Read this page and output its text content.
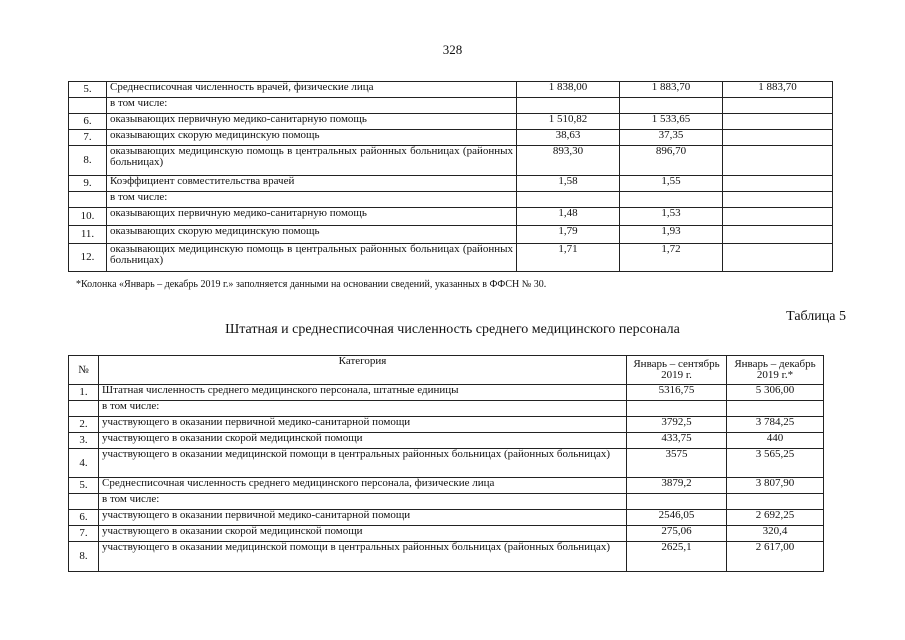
328
5.	Среднесписочная численность врачей, физические лица	1 838,00	1 883,70	1 883,70
	в том числе:			
6.	оказывающих первичную медико-санитарную помощь	1 510,82	1 533,65	
7.	оказывающих скорую медицинскую помощь	38,63	37,35	
8.	оказывающих медицинскую помощь в центральных районных больницах (районных больницах)	893,30	896,70	
9.	Коэффициент совместительства врачей	1,58	1,55	
	в том числе:			
10.	оказывающих первичную медико-санитарную помощь	1,48	1,53	
11.	оказывающих скорую медицинскую помощь	1,79	1,93	
12.	оказывающих медицинскую помощь в центральных районных больницах (районных больницах)	1,71	1,72	
*Колонка «Январь – декабрь 2019 г.» заполняется данными на основании сведений, указанных в ФФСН № 30.
Таблица 5
Штатная и среднесписочная численность среднего медицинского персонала
№	Категория	Январь – сентябрь 2019 г.	Январь – декабрь 2019 г.*
1.	Штатная численность среднего медицинского персонала, штатные единицы	5316,75	5 306,00
	в том числе:		
2.	участвующего в оказании первичной медико-санитарной помощи	3792,5	3 784,25
3.	участвующего в оказании скорой медицинской помощи	433,75	440
4.	участвующего в оказании медицинской помощи в центральных районных больницах (районных больницах)	3575	3 565,25
5.	Среднесписочная численность среднего медицинского персонала, физические лица	3879,2	3 807,90
	в том числе:		
6.	участвующего в оказании первичной медико-санитарной помощи	2546,05	2 692,25
7.	участвующего в оказании скорой медицинской помощи	275,06	320,4
8.	участвующего в оказании медицинской помощи в центральных районных больницах (районных больницах)	2625,1	2 617,00
